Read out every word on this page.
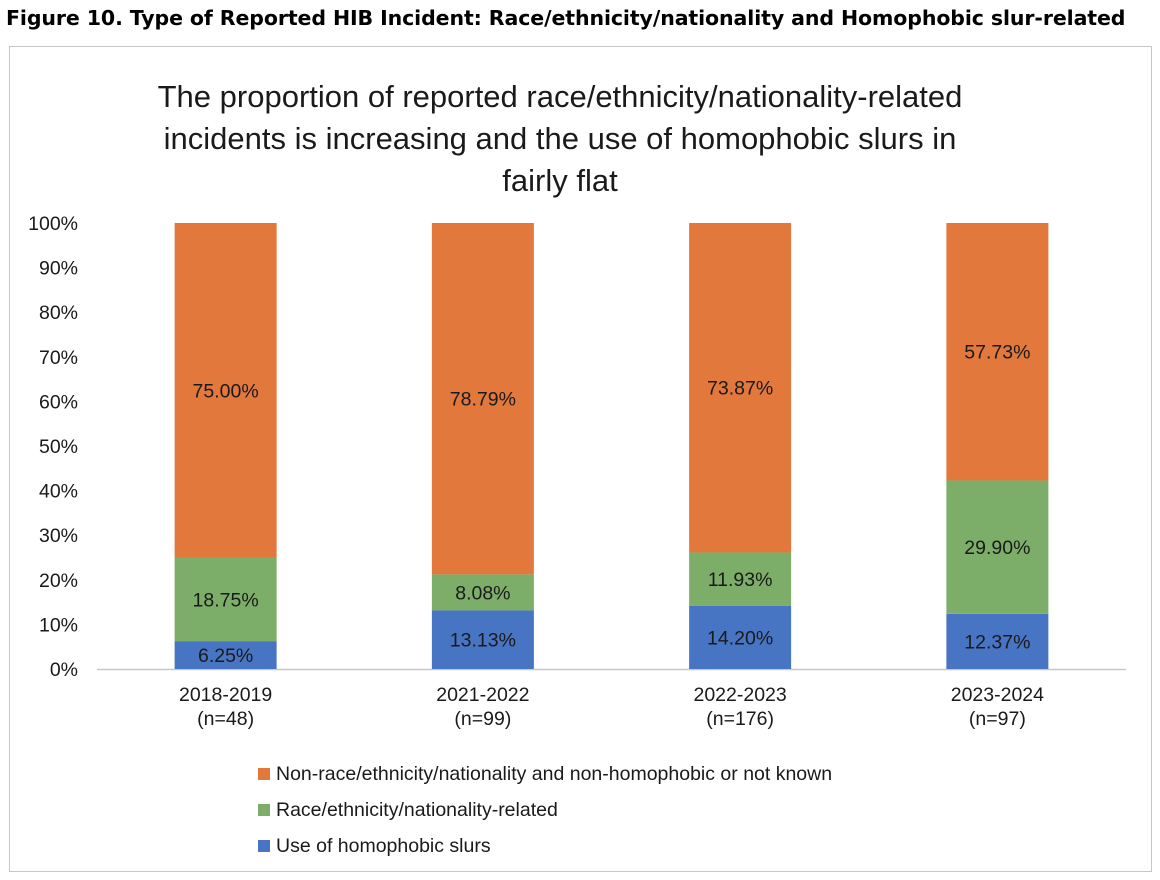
Figure 10. Type of Reported HIB Incident: Race/ethnicity/nationality and Homophobic slur-related
The proportion of reported race/ethnicity/nationality-related
incidents is increasing and the use of homophobic slurs in
fairly flat
0%
10%
20%
30%
40%
50%
60%
70%
80%
90%
100%
6.25%
18.75%
75.00%
2018-2019
(n=48)
13.13%
8.08%
78.79%
2021-2022
(n=99)
14.20%
11.93%
73.87%
2022-2023
(n=176)
12.37%
29.90%
57.73%
2023-2024
(n=97)
Non-race/ethnicity/nationality and non-homophobic or not known
Race/ethnicity/nationality-related
Use of homophobic slurs
